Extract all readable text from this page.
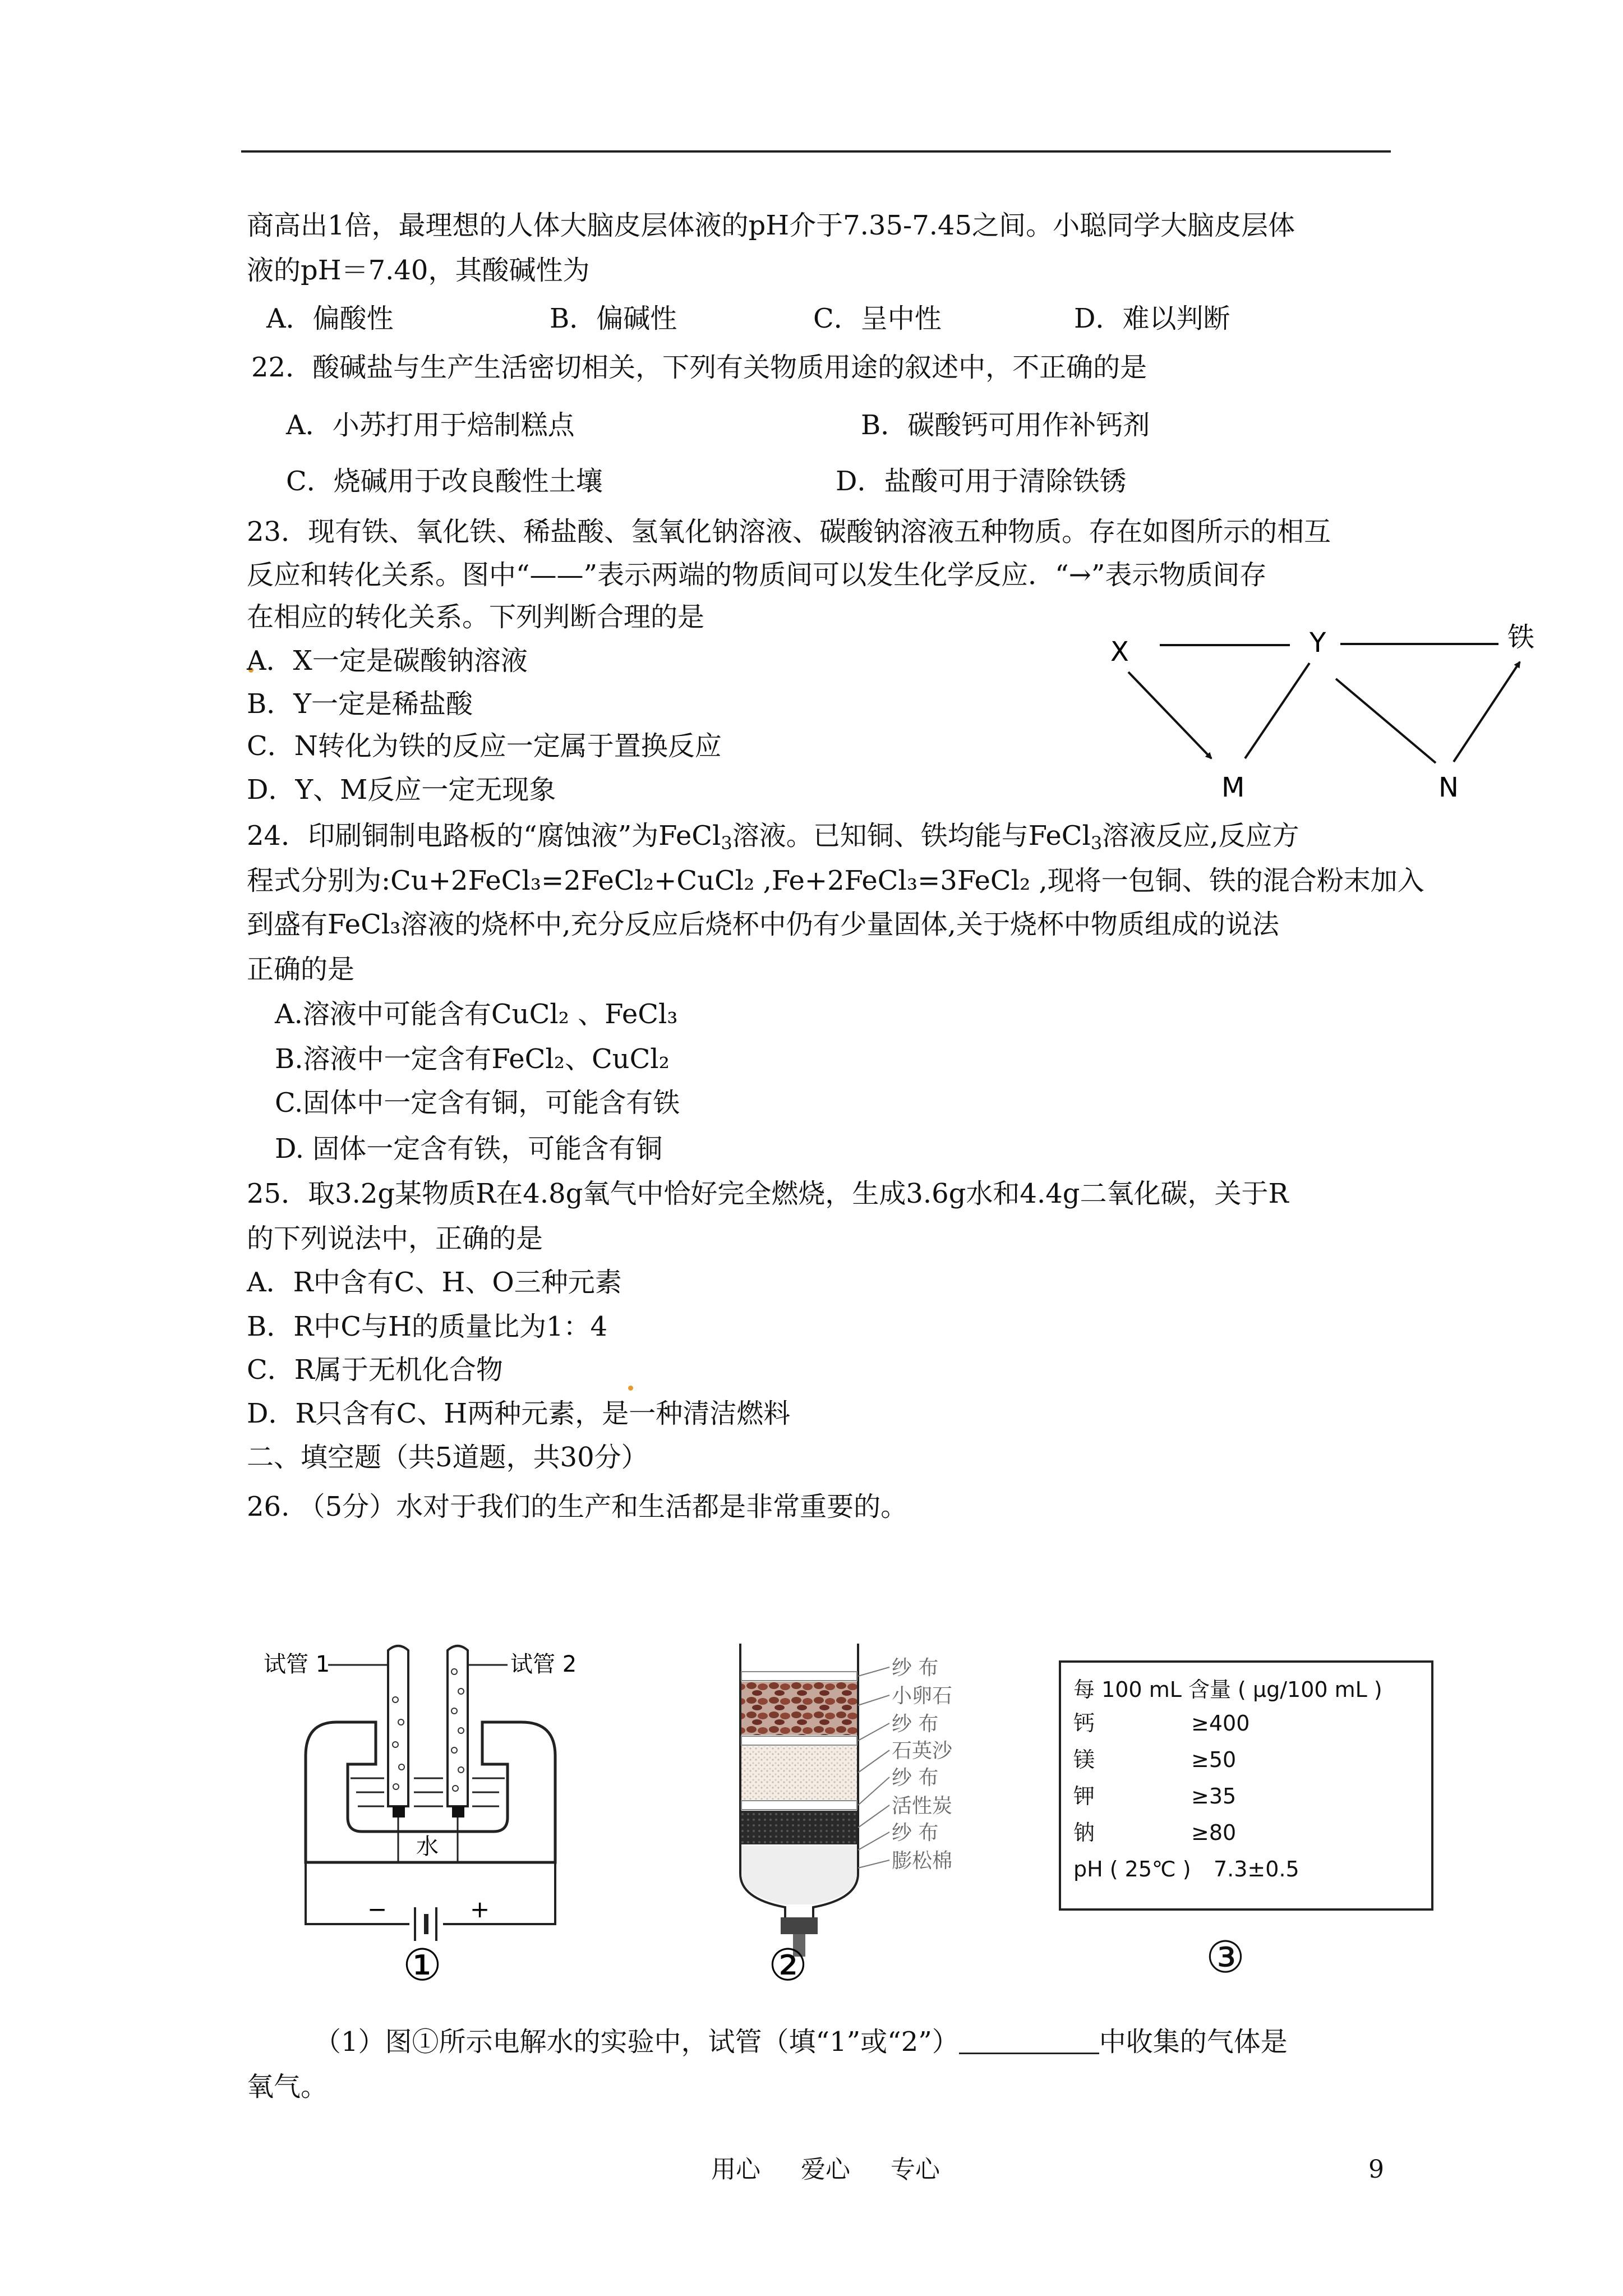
商高出1倍，最理想的人体大脑皮层体液的pH介于7.35-7.45之间。小聪同学大脑皮层体
液的pH＝7.40，其酸碱性为
A．偏酸性	B．偏碱性	C．呈中性	D．难以判断
22．酸碱盐与生产生活密切相关，下列有关物质用途的叙述中，不正确的是
A．小苏打用于焙制糕点	B．碳酸钙可用作补钙剂
C．烧碱用于改良酸性土壤	D．盐酸可用于清除铁锈
23．现有铁、氧化铁、稀盐酸、氢氧化钠溶液、碳酸钠溶液五种物质。存在如图所示的相互
反应和转化关系。图中“——”表示两端的物质间可以发生化学反应．“→”表示物质间存
在相应的转化关系。下列判断合理的是
A．X一定是碳酸钠溶液
B．Y一定是稀盐酸
C．N转化为铁的反应一定属于置换反应
D．Y、M反应一定无现象
X	Y	铁
M	N
24．印刷铜制电路板的“腐蚀液”为FeCl$_3$溶液。已知铜、铁均能与FeCl$_3$溶液反应,反应方
程式分别为:Cu+2FeCl₃=2FeCl₂+CuCl₂ ,Fe+2FeCl₃=3FeCl₂ ,现将一包铜、铁的混合粉末加入
到盛有FeCl₃溶液的烧杯中,充分反应后烧杯中仍有少量固体,关于烧杯中物质组成的说法
正确的是
A.溶液中可能含有CuCl₂ 、FeCl₃
B.溶液中一定含有FeCl₂、CuCl₂
C.固体中一定含有铜，可能含有铁
D. 固体一定含有铁，可能含有铜
25．取3.2g某物质R在4.8g氧气中恰好完全燃烧，生成3.6g水和4.4g二氧化碳，关于R
的下列说法中，正确的是
A．R中含有C、H、O三种元素
B．R中C与H的质量比为1：4
C．R属于无机化合物
D．R只含有C、H两种元素，是一种清洁燃料
二、填空题（共5道题，共30分）
26. （5分）水对于我们的生产和生活都是非常重要的。
试管 1	试管 2
水
−	+
①
纱 布
小卵石
纱 布
石英沙
纱 布
活性炭
纱 布
膨松棉
②
每 100 mL 含量 ( μg/100 mL )
钙	≥400
镁	≥50
钾	≥35
钠	≥80
pH ( 25℃ )	7.3±0.5
③
（1）图①所示电解水的实验中，试管（填“1”或“2”）	中收集的气体是
氧气。
用心 爱心 专心	9
